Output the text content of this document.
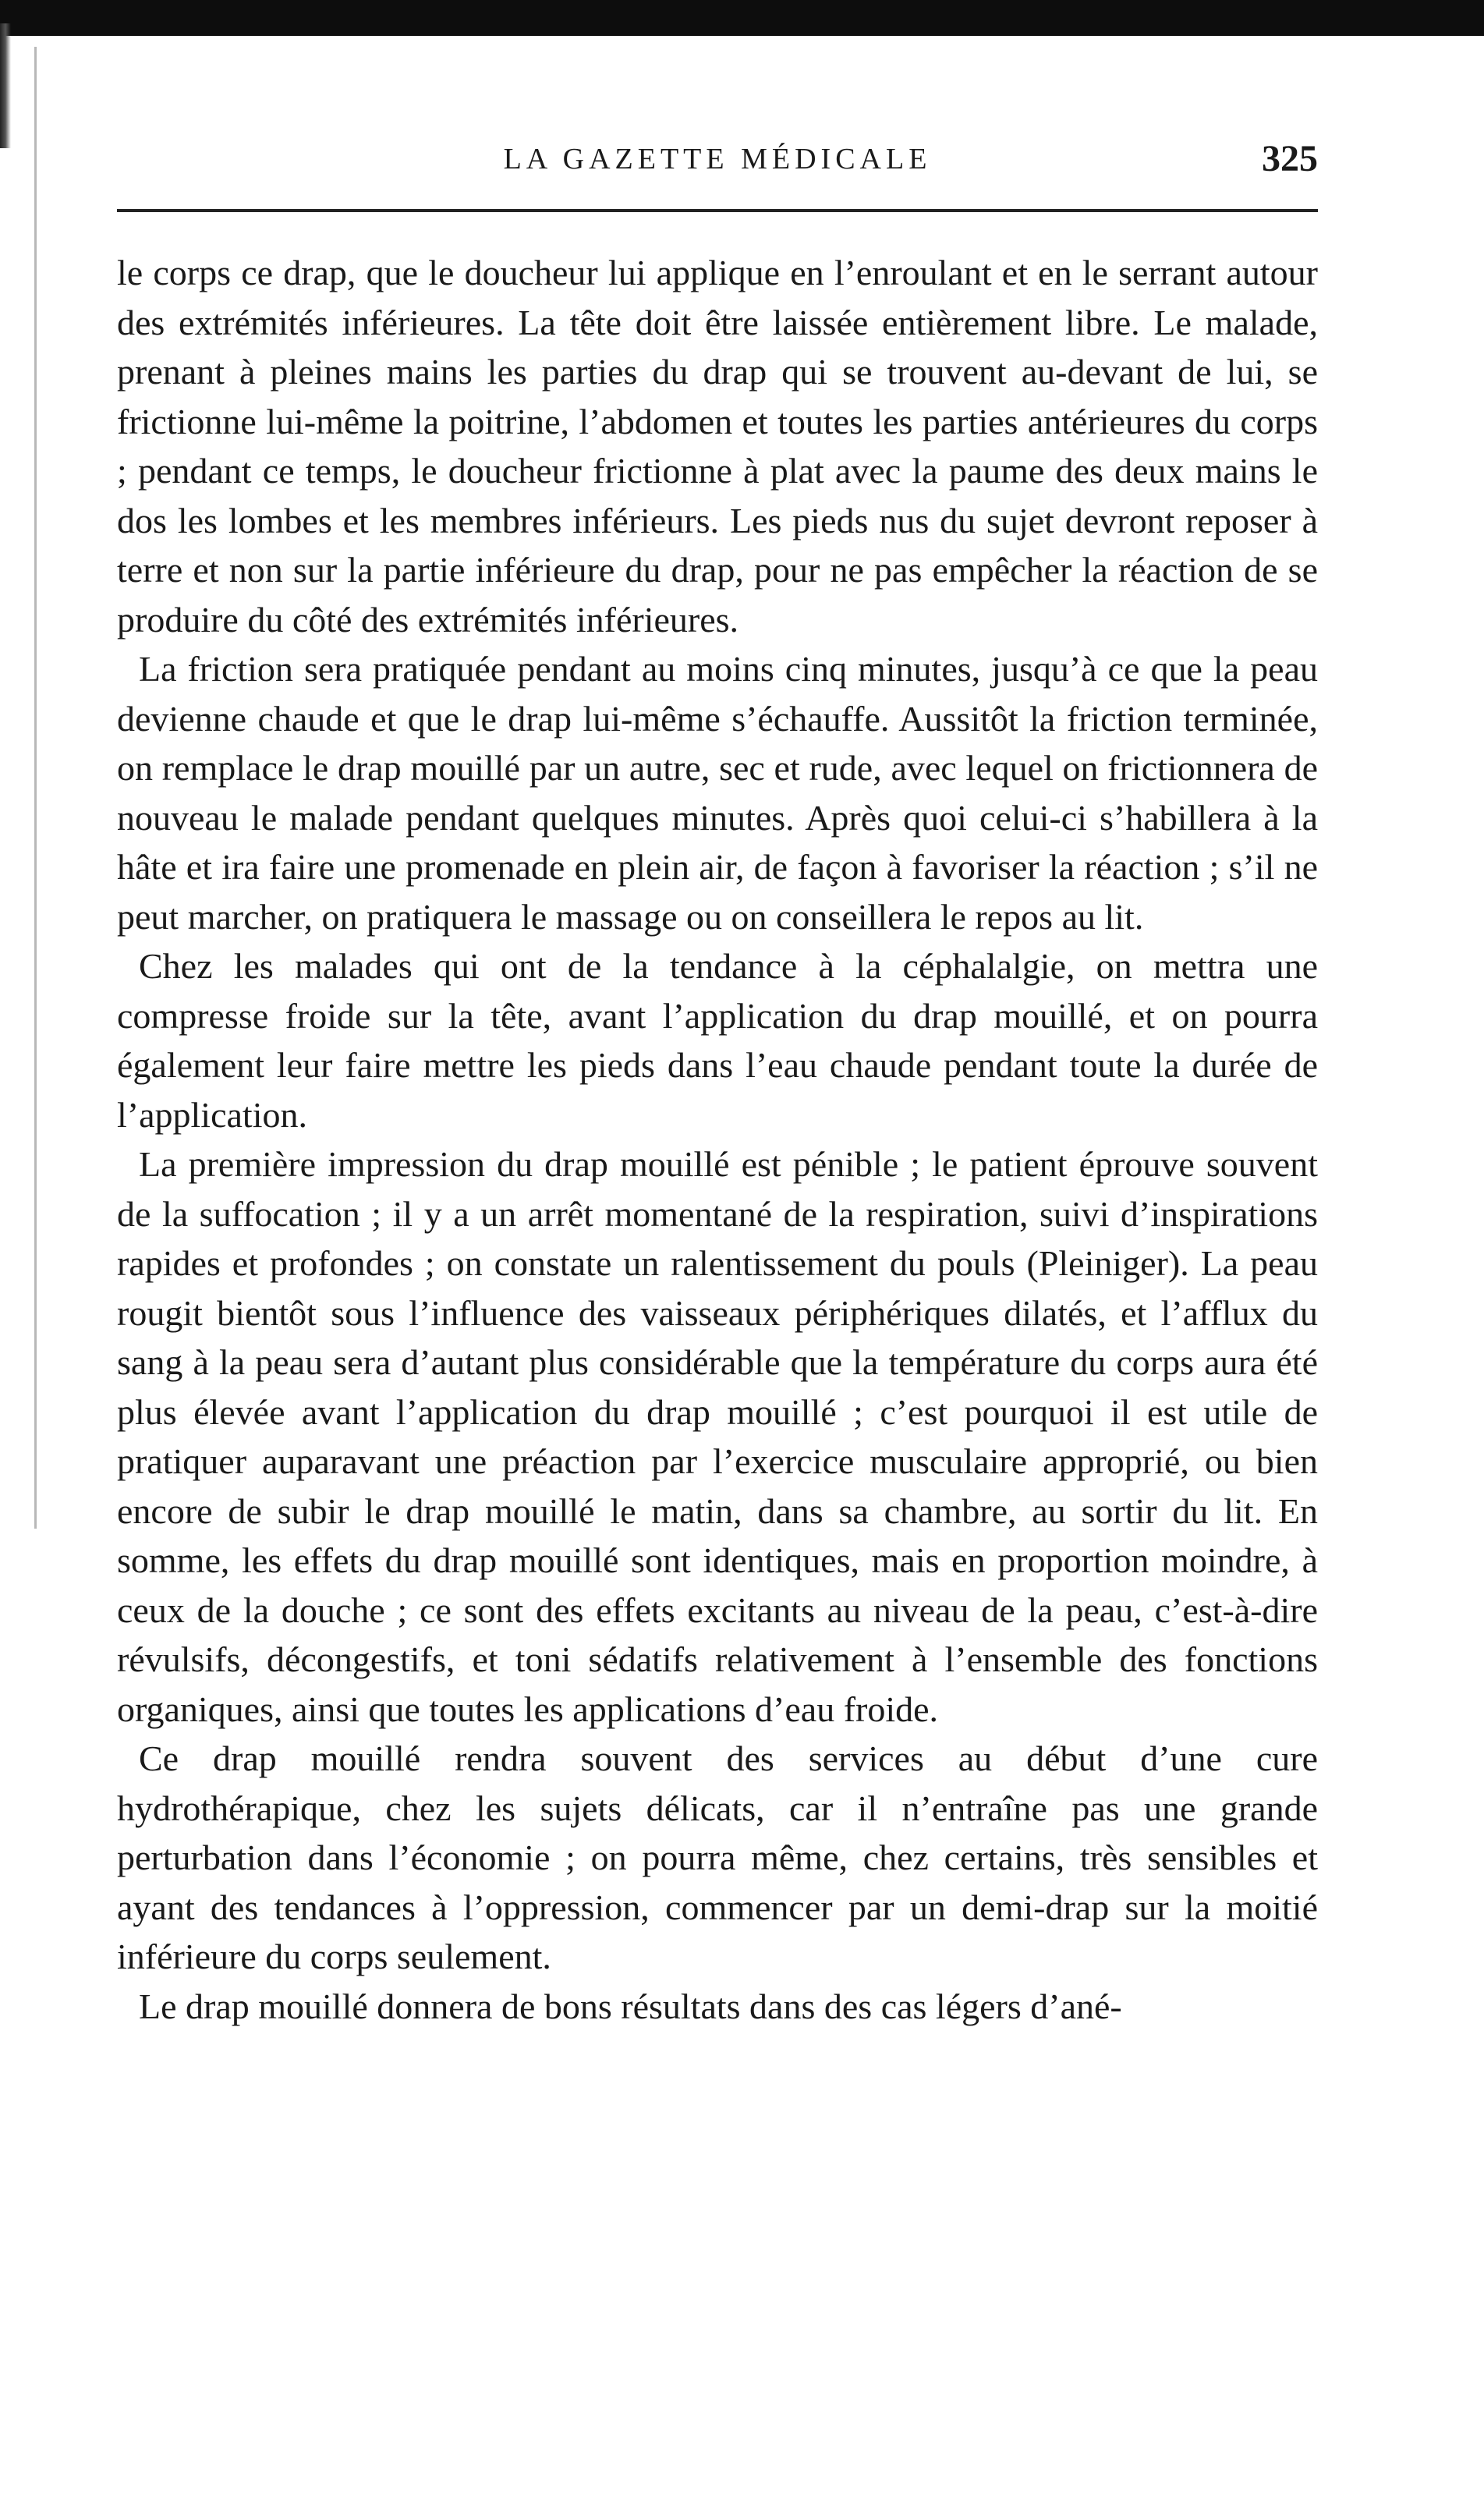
LA GAZETTE MÉDICALE	325

le corps ce drap, que le doucheur lui applique en l’enroulant et en le serrant autour des extrémités inférieures. La tête doit être laissée entièrement libre. Le malade, prenant à pleines mains les parties du drap qui se trouvent au-devant de lui, se frictionne lui-même la poitrine, l’abdomen et toutes les parties antérieures du corps ; pendant ce temps, le doucheur frictionne à plat avec la paume des deux mains le dos les lombes et les membres inférieurs. Les pieds nus du sujet devront reposer à terre et non sur la partie inférieure du drap, pour ne pas empêcher la réaction de se produire du côté des extrémités inférieures.

La friction sera pratiquée pendant au moins cinq minutes, jusqu’à ce que la peau devienne chaude et que le drap lui-même s’échauffe. Aussitôt la friction terminée, on remplace le drap mouillé par un autre, sec et rude, avec lequel on frictionnera de nouveau le malade pendant quelques minutes. Après quoi celui-ci s’habillera à la hâte et ira faire une promenade en plein air, de façon à favoriser la réaction ; s’il ne peut marcher, on pratiquera le massage ou on conseillera le repos au lit.

Chez les malades qui ont de la tendance à la céphalalgie, on mettra une compresse froide sur la tête, avant l’application du drap mouillé, et on pourra également leur faire mettre les pieds dans l’eau chaude pendant toute la durée de l’application.

La première impression du drap mouillé est pénible ; le patient éprouve souvent de la suffocation ; il y a un arrêt momentané de la respiration, suivi d’inspirations rapides et profondes ; on constate un ralentissement du pouls (Pleiniger). La peau rougit bientôt sous l’influence des vaisseaux périphériques dilatés, et l’afflux du sang à la peau sera d’autant plus considérable que la température du corps aura été plus élevée avant l’application du drap mouillé ; c’est pourquoi il est utile de pratiquer auparavant une préaction par l’exercice musculaire approprié, ou bien encore de subir le drap mouillé le matin, dans sa chambre, au sortir du lit. En somme, les effets du drap mouillé sont identiques, mais en proportion moindre, à ceux de la douche ; ce sont des effets excitants au niveau de la peau, c’est-à-dire révulsifs, décongestifs, et toni sédatifs relativement à l’ensemble des fonctions organiques, ainsi que toutes les applications d’eau froide.

Ce drap mouillé rendra souvent des services au début d’une cure hydrothérapique, chez les sujets délicats, car il n’entraîne pas une grande perturbation dans l’économie ; on pourra même, chez certains, très sensibles et ayant des tendances à l’oppression, commencer par un demi-drap sur la moitié inférieure du corps seulement.

Le drap mouillé donnera de bons résultats dans des cas légers d’ané-
